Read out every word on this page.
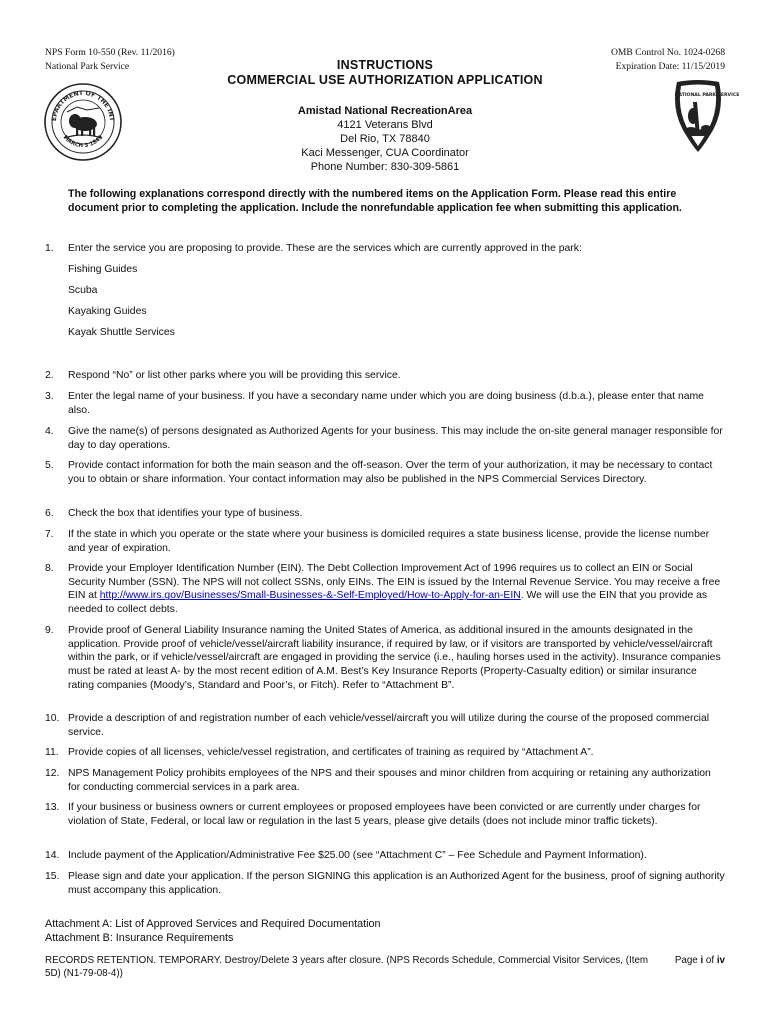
NPS Form 10-550 (Rev. 11/2016)
National Park Service
OMB Control No. 1024-0268
Expiration Date: 11/15/2019
EPARTMENT OF THE INT
MARCH 3 1849
NATIONAL PARK SERVICE
INSTRUCTIONS
COMMERCIAL USE AUTHORIZATION APPLICATION
Amistad National RecreationArea
4121 Veterans Blvd
Del Rio, TX 78840
Kaci Messenger, CUA Coordinator
Phone Number: 830-309-5861
The following explanations correspond directly with the numbered items on the Application Form. Please read this entire document prior to completing the application. Include the nonrefundable application fee when submitting this application.
1. Enter the service you are proposing to provide. These are the services which are currently approved in the park:
Fishing Guides
Scuba
Kayaking Guides
Kayak Shuttle Services
2. Respond “No” or list other parks where you will be providing this service.
3. Enter the legal name of your business. If you have a secondary name under which you are doing business (d.b.a.), please enter that name also.
4. Give the name(s) of persons designated as Authorized Agents for your business. This may include the on-site general manager responsible for day to day operations.
5. Provide contact information for both the main season and the off-season. Over the term of your authorization, it may be necessary to contact you to obtain or share information. Your contact information may also be published in the NPS Commercial Services Directory.
6. Check the box that identifies your type of business.
7. If the state in which you operate or the state where your business is domiciled requires a state business license, provide the license number and year of expiration.
8. Provide your Employer Identification Number (EIN). The Debt Collection Improvement Act of 1996 requires us to collect an EIN or Social Security Number (SSN). The NPS will not collect SSNs, only EINs. The EIN is issued by the Internal Revenue Service. You may receive a free EIN at http://www.irs.gov/Businesses/Small-Businesses-&-Self-Employed/How-to-Apply-for-an-EIN. We will use the EIN that you provide as needed to collect debts.
9. Provide proof of General Liability Insurance naming the United States of America, as additional insured in the amounts designated in the application. Provide proof of vehicle/vessel/aircraft liability insurance, if required by law, or if visitors are transported by vehicle/vessel/aircraft within the park, or if vehicle/vessel/aircraft are engaged in providing the service (i.e., hauling horses used in the activity). Insurance companies must be rated at least A- by the most recent edition of A.M. Best’s Key Insurance Reports (Property-Casualty edition) or similar insurance rating companies (Moody’s, Standard and Poor’s, or Fitch). Refer to “Attachment B”.
10. Provide a description of and registration number of each vehicle/vessel/aircraft you will utilize during the course of the proposed commercial service.
11. Provide copies of all licenses, vehicle/vessel registration, and certificates of training as required by “Attachment A”.
12. NPS Management Policy prohibits employees of the NPS and their spouses and minor children from acquiring or retaining any authorization for conducting commercial services in a park area.
13. If your business or business owners or current employees or proposed employees have been convicted or are currently under charges for violation of State, Federal, or local law or regulation in the last 5 years, please give details (does not include minor traffic tickets).
14. Include payment of the Application/Administrative Fee $25.00 (see “Attachment C” – Fee Schedule and Payment Information).
15. Please sign and date your application. If the person SIGNING this application is an Authorized Agent for the business, proof of signing authority must accompany this application.
Attachment A: List of Approved Services and Required Documentation
Attachment B: Insurance Requirements
RECORDS RETENTION. TEMPORARY. Destroy/Delete 3 years after closure. (NPS Records Schedule, Commercial Visitor Services, (Item 5D) (N1-79-08-4))
Page i of iv
